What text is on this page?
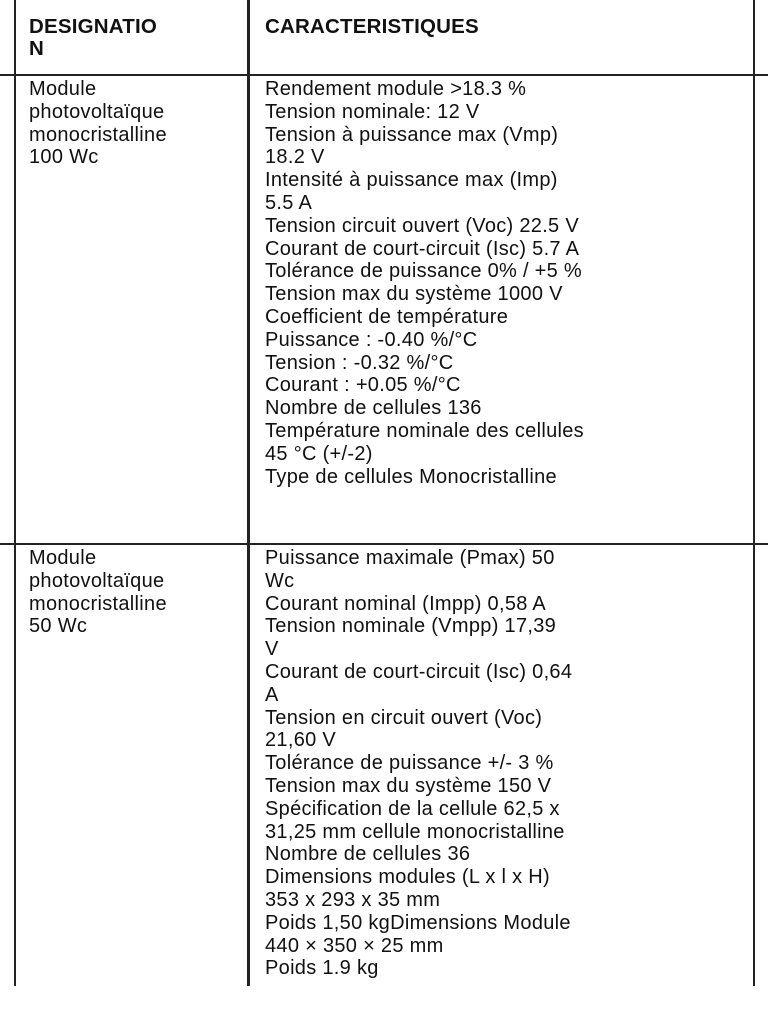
DESIGNATIO
N
CARACTERISTIQUES
Module
photovoltaïque
monocristalline
100 Wc
Rendement module >18.3 %
Tension nominale: 12 V
Tension à puissance max (Vmp)
18.2 V
Intensité à puissance max (Imp)
5.5 A
Tension circuit ouvert (Voc) 22.5 V
Courant de court-circuit (Isc) 5.7 A
Tolérance de puissance 0% / +5 %
Tension max du système 1000 V
Coefficient de température
Puissance : -0.40 %/°C
Tension : -0.32 %/°C
Courant : +0.05 %/°C
Nombre de cellules 136
Température nominale des cellules
45 °C (+/-2)
Type de cellules Monocristalline
Module
photovoltaïque
monocristalline
50 Wc
Puissance maximale (Pmax) 50
Wc
Courant nominal (Impp) 0,58 A
Tension nominale (Vmpp) 17,39
V
Courant de court-circuit (Isc) 0,64
A
Tension en circuit ouvert (Voc)
21,60 V
Tolérance de puissance +/- 3 %
Tension max du système 150 V
Spécification de la cellule 62,5 x
31,25 mm cellule monocristalline
Nombre de cellules 36
Dimensions modules (L x l x H)
353 x 293 x 35 mm
Poids 1,50 kgDimensions Module
440 × 350 × 25 mm
Poids 1.9 kg
